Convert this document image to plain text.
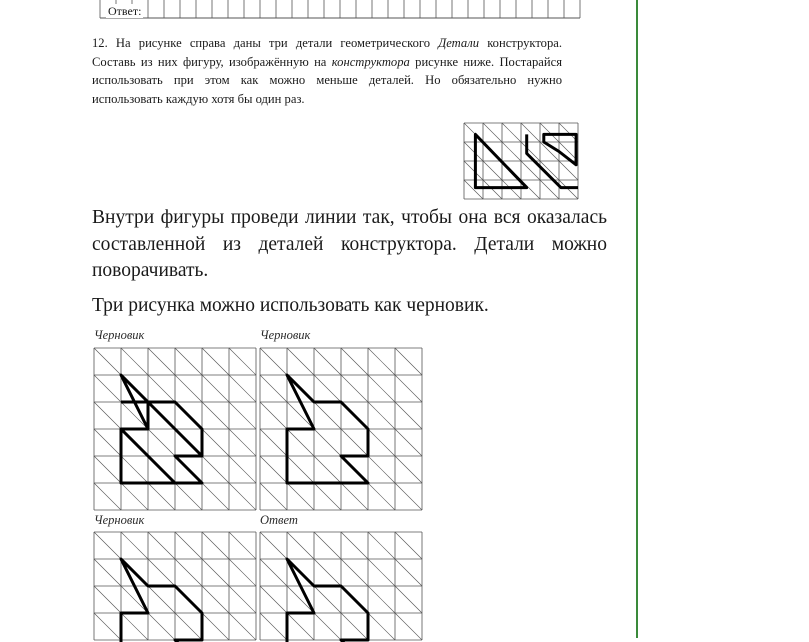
Ответ:
12. На рисунке справа даны три детали геометрического Детали конструктора. Составь из них фигуру, изображённую на конструктора рисунке ниже. Постарайся использовать при этом как можно меньше деталей. Но обязательно нужно использовать каждую хотя бы один раз.
Внутри фигуры проведи линии так, чтобы она вся оказалась составленной из деталей конструктора. Детали можно поворачивать.
Три рисунка можно использовать как черновик.
Черновик	Черновик
Черновик	Ответ
